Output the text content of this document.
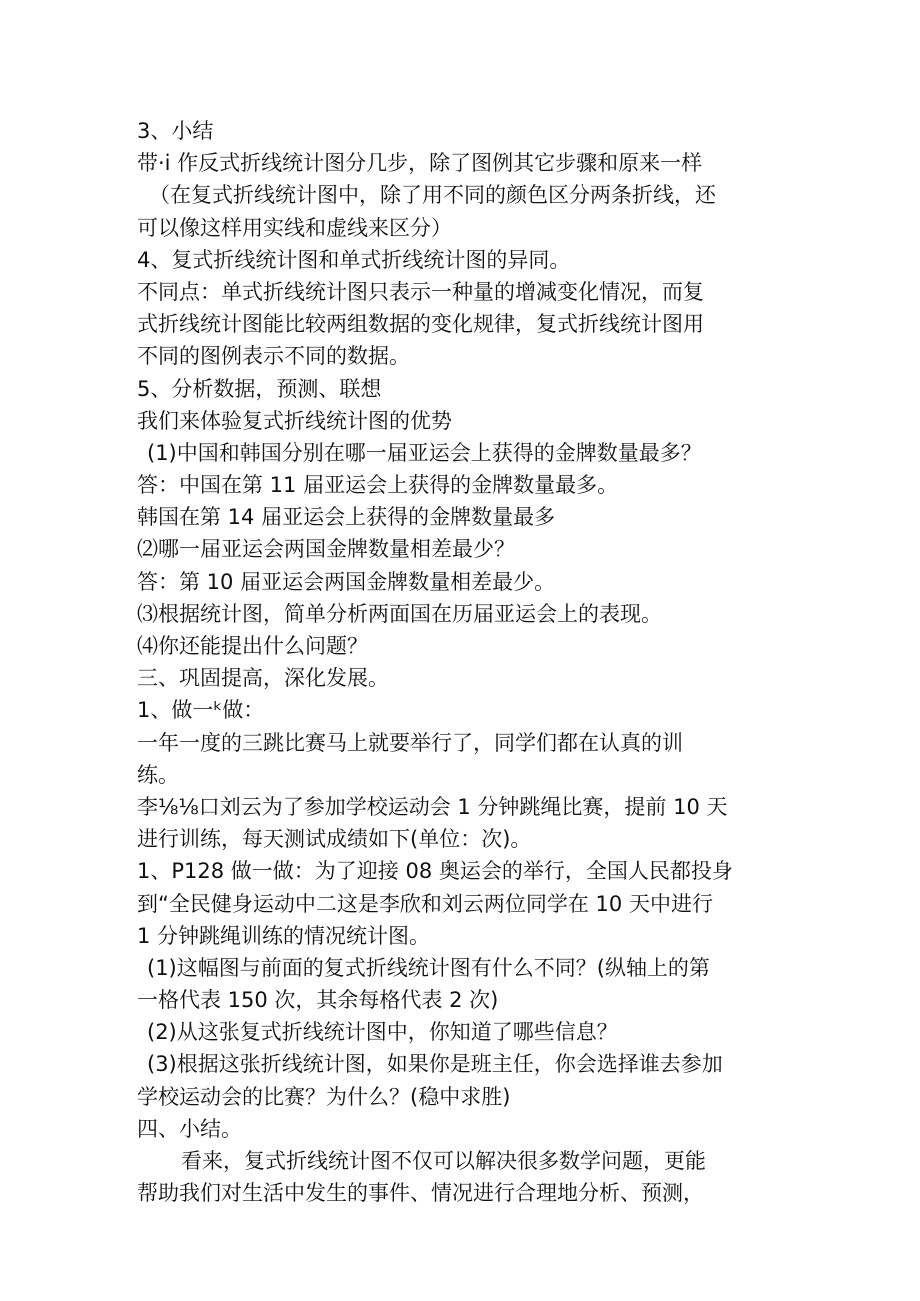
3、小结

带·i 作反式折线统计图分几步，除了图例其它步骤和原来一样

（在复式折线统计图中，除了用不同的颜色区分两条折线，还

可以像这样用实线和虚线来区分）

4、复式折线统计图和单式折线统计图的异同。

不同点：单式折线统计图只表示一种量的增减变化情况，而复

式折线统计图能比较两组数据的变化规律，复式折线统计图用

不同的图例表示不同的数据。

5、分析数据，预测、联想

我们来体验复式折线统计图的优势

(1)中国和韩国分别在哪一届亚运会上获得的金牌数量最多？

答：中国在第 11 届亚运会上获得的金牌数量最多。

韩国在第 14 届亚运会上获得的金牌数量最多

⑵哪一届亚运会两国金牌数量相差最少？

答：第 10 届亚运会两国金牌数量相差最少。

⑶根据统计图，简单分析两面国在历届亚运会上的表现。

⑷你还能提出什么问题？

三、巩固提高，深化发展。

1、做一ᵏ做：

一年一度的三跳比赛马上就要举行了，同学们都在认真的训

练。

李⅛⅛口刘云为了参加学校运动会 1 分钟跳绳比赛，提前 10 天

进行训练，每天测试成绩如下(单位：次)。

1、P128 做一做：为了迎接 08 奥运会的举行，全国人民都投身

到“全民健身运动中二这是李欣和刘云两位同学在 10 天中进行

1 分钟跳绳训练的情况统计图。

(1)这幅图与前面的复式折线统计图有什么不同？(纵轴上的第

一格代表 150 次，其余每格代表 2 次)

(2)从这张复式折线统计图中，你知道了哪些信息？

(3)根据这张折线统计图，如果你是班主任，你会选择谁去参加

学校运动会的比赛？为什么？(稳中求胜)

四、小结。

看来，复式折线统计图不仅可以解决很多数学问题，更能

帮助我们对生活中发生的事件、情况进行合理地分析、预测，
